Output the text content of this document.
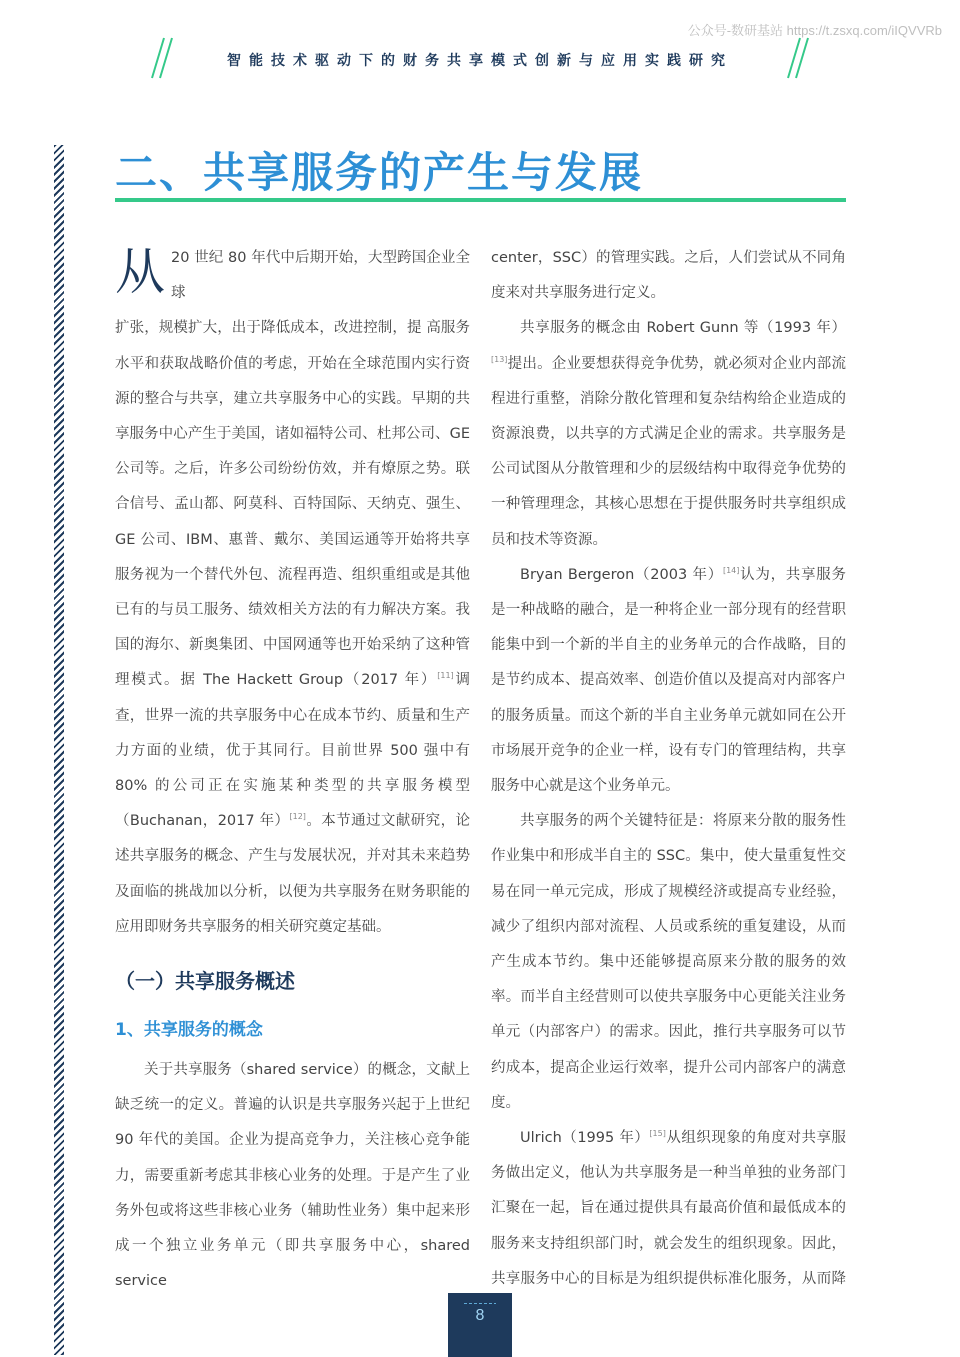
公众号-数研基站 https://t.zsxq.com/iIQVVRb
智能技术驱动下的财务共享模式创新与应用实践研究
二、共享服务的产生与发展
从 20 世纪 80 年代中后期开始，大型跨国企业全球
扩张，规模扩大，出于降低成本，改进控制，提 高服务水平和获取战略价值的考虑，开始在全球范围内实行资源的整合与共享，建立共享服务中心的实践。早期的共享服务中心产生于美国，诸如福特公司、杜邦公司、GE 公司等。之后，许多公司纷纷仿效，并有燎原之势。联合信号、孟山都、阿莫科、百特国际、天纳克、强生、GE 公司、IBM、惠普、戴尔、美国运通等开始将共享服务视为一个替代外包、流程再造、组织重组或是其他已有的与员工服务、绩效相关方法的有力解决方案。我国的海尔、新奥集团、中国网通等也开始采纳了这种管理模式。据 The Hackett Group（2017 年）[11]调查，世界一流的共享服务中心在成本节约、质量和生产力方面的业绩，优于其同行。目前世界 500 强中有 80% 的公司正在实施某种类型的共享服务模型（Buchanan，2017 年）[12]。本节通过文献研究，论述共享服务的概念、产生与发展状况，并对其未来趋势及面临的挑战加以分析，以便为共享服务在财务职能的应用即财务共享服务的相关研究奠定基础。

（一）共享服务概述
1、共享服务的概念

关于共享服务（shared service）的概念，文献上缺乏统一的定义。普遍的认识是共享服务兴起于上世纪 90 年代的美国。企业为提高竞争力，关注核心竞争能力，需要重新考虑其非核心业务的处理。于是产生了业务外包或将这些非核心业务（辅助性业务）集中起来形成一个独立业务单元（即共享服务中心，shared service

center，SSC）的管理实践。之后，人们尝试从不同角度来对共享服务进行定义。

共享服务的概念由 Robert Gunn 等（1993 年）[13]提出。企业要想获得竞争优势，就必须对企业内部流程进行重整，消除分散化管理和复杂结构给企业造成的资源浪费，以共享的方式满足企业的需求。共享服务是公司试图从分散管理和少的层级结构中取得竞争优势的一种管理理念，其核心思想在于提供服务时共享组织成员和技术等资源。

Bryan Bergeron（2003 年）[14]认为，共享服务是一种战略的融合，是一种将企业一部分现有的经营职能集中到一个新的半自主的业务单元的合作战略，目的是节约成本、提高效率、创造价值以及提高对内部客户的服务质量。而这个新的半自主业务单元就如同在公开市场展开竞争的企业一样，设有专门的管理结构，共享服务中心就是这个业务单元。

共享服务的两个关键特征是：将原来分散的服务性作业集中和形成半自主的 SSC。集中，使大量重复性交易在同一单元完成，形成了规模经济或提高专业经验，减少了组织内部对流程、人员或系统的重复建设，从而产生成本节约。集中还能够提高原来分散的服务的效率。而半自主经营则可以使共享服务中心更能关注业务单元（内部客户）的需求。因此，推行共享服务可以节约成本，提高企业运行效率，提升公司内部客户的满意度。

Ulrich（1995 年）[15]从组织现象的角度对共享服务做出定义，他认为共享服务是一种当单独的业务部门汇聚在一起，旨在通过提供具有最高价值和最低成本的服务来支持组织部门时，就会发生的组织现象。因此，共享服务中心的目标是为组织提供标准化服务，从而降

8
